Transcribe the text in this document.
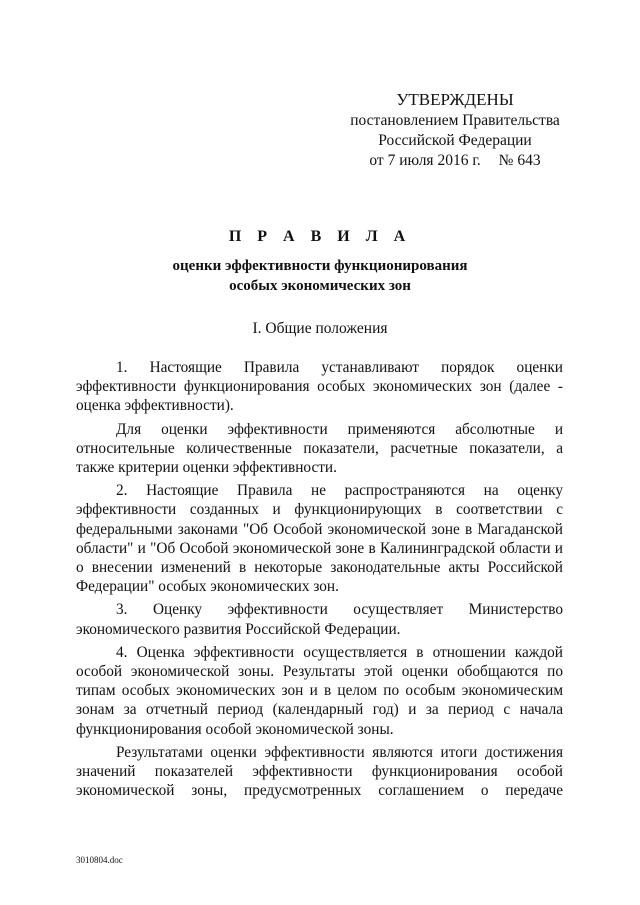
УТВЕРЖДЕНЫ
постановлением Правительства
Российской Федерации
от 7 июля 2016 г. № 643
П Р А В И Л А
оценки эффективности функционирования
особых экономических зон
I. Общие положения

1. Настоящие Правила устанавливают порядок оценки эффективности функционирования особых экономических зон (далее - оценка эффективности).

Для оценки эффективности применяются абсолютные и относительные количественные показатели, расчетные показатели, а также критерии оценки эффективности.

2. Настоящие Правила не распространяются на оценку эффективности созданных и функционирующих в соответствии с федеральными законами "Об Особой экономической зоне в Магаданской области" и "Об Особой экономической зоне в Калининградской области и о внесении изменений в некоторые законодательные акты Российской Федерации" особых экономических зон.

3. Оценку эффективности осуществляет Министерство экономического развития Российской Федерации.

4. Оценка эффективности осуществляется в отношении каждой особой экономической зоны. Результаты этой оценки обобщаются по типам особых экономических зон и в целом по особым экономическим зонам за отчетный период (календарный год) и за период с начала функционирования особой экономической зоны.

Результатами оценки эффективности являются итоги достижения значений показателей эффективности функционирования особой экономической зоны, предусмотренных соглашением о передаче

3010804.doc
